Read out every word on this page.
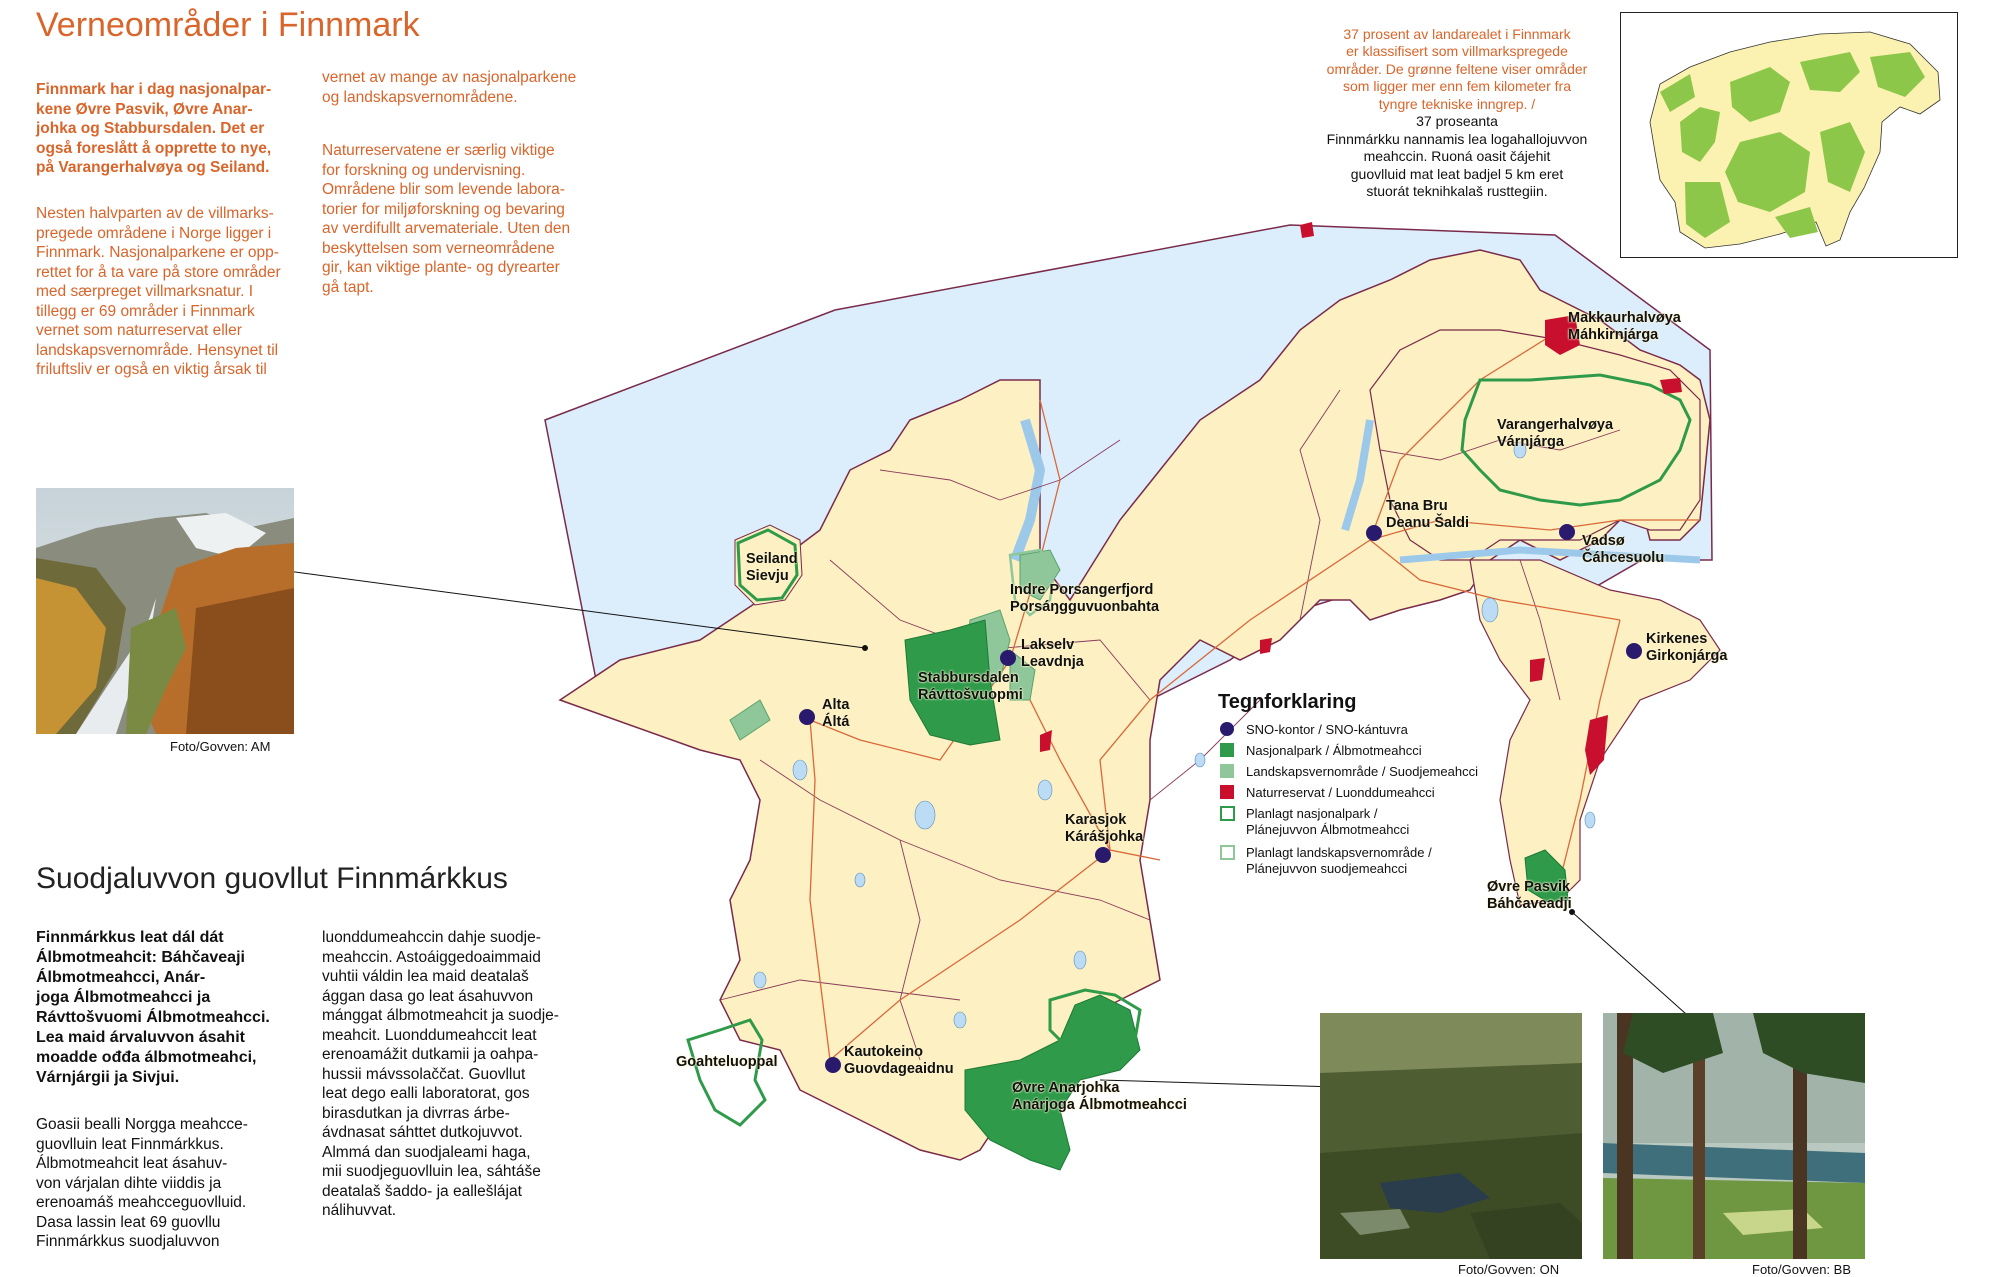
Verneområder i Finnmark
Finnmark har i dag nasjonalpar-
kene Øvre Pasvik, Øvre Anar-
johka og Stabbursdalen. Det er
også foreslått å opprette to nye,
på Varangerhalvøya og Seiland.
Nesten halvparten av de villmarks-
pregede områdene i Norge ligger i
Finnmark. Nasjonalparkene er opp-
rettet for å ta vare på store områder
med særpreget villmarksnatur. I
tillegg er 69 områder i Finnmark
vernet som naturreservat eller
landskapsvernområde. Hensynet til
friluftsliv er også en viktig årsak til
vernet av mange av nasjonalparkene
og landskapsvernområdene.
Naturreservatene er særlig viktige
for forskning og undervisning.
Områdene blir som levende labora-
torier for miljøforskning og bevaring
av verdifullt arvemateriale. Uten den
beskyttelsen som verneområdene
gir, kan viktige plante- og dyrearter
gå tapt.

37 prosent av landarealet i Finnmark
er klassifisert som villmarkspregede
områder. De grønne feltene viser områder
som ligger mer enn fem kilometer fra
tyngre tekniske inngrep. /
37 proseanta
Finnmárkku nannamis lea logahallojuvvon
meahccin. Ruoná oasit čájehit
guovlluid mat leat badjel 5 km eret
stuorát teknihkalaš rusttegiin.

Makkaurhalvøya
Máhkirnjárga
Varangerhalvøya
Várnjárga
Tana Bru
Deanu Šaldi
Vadsø
Čáhcesuolu
Kirkenes
Girkonjárga
Seiland
Sievju
Indre Porsangerfjord
Porsáŋgguvuonbahta
Lakselv
Leavdnja
Stabbursdalen
Rávttošvuopmi
Alta
Áltá
Karasjok
Kárášjohka
Øvre Pasvik
Báhčaveadji
Goahteluoppal
Kautokeino
Guovdageaidnu
Øvre Anarjohka
Anárjoga Álbmotmeahcci
Tegnforklaring
SNO-kontor / SNO-kántuvra
Nasjonalpark / Álbmotmeahcci
Landskapsvernområde / Suodjemeahcci
Naturreservat / Luonddumeahcci
Planlagt nasjonalpark /
Plánejuvvon Álbmotmeahcci
Planlagt landskapsvernområde /
Plánejuvvon suodjemeahcci
Foto/Govven: AM
Foto/Govven: ON	Foto/Govven: BB
Suodjaluvvon guovllut Finnmárkkus
Finnmárkkus leat dál dát
Álbmotmeahcit: Báhčaveaji
Álbmotmeahcci, Anár-
joga Álbmotmeahcci ja
Rávttošvuomi Álbmotmeahcci.
Lea maid árvaluvvon ásahit
moadde ođđa álbmotmeahci,
Várnjárgii ja Sivjui.
Goasii bealli Norgga meahcce-
guovlluin leat Finnmárkkus.
Álbmotmeahcit leat ásahuv-
von várjalan dihte viiddis ja
erenoamáš meahcceguovlluid.
Dasa lassin leat 69 guovllu
Finnmárkkus suodjaluvvon
luonddumeahccin dahje suodje-
meahccin. Astoáiggedoaimmaid
vuhtii váldin lea maid deatalaš
ággan dasa go leat ásahuvvon
mánggat álbmotmeahcit ja suodje-
meahcit. Luonddumeahccit leat
erenoamážit dutkamii ja oahpa-
hussii mávssolaččat. Guovllut
leat dego ealli laboratorat, gos
birasdutkan ja divrras árbe-
ávdnasat sáhttet dutkojuvvot.
Almmá dan suodjaleami haga,
mii suodjeguovlluin lea, sáhtáše
deatalaš šaddo- ja eallešlájat
nálihuvvat.
